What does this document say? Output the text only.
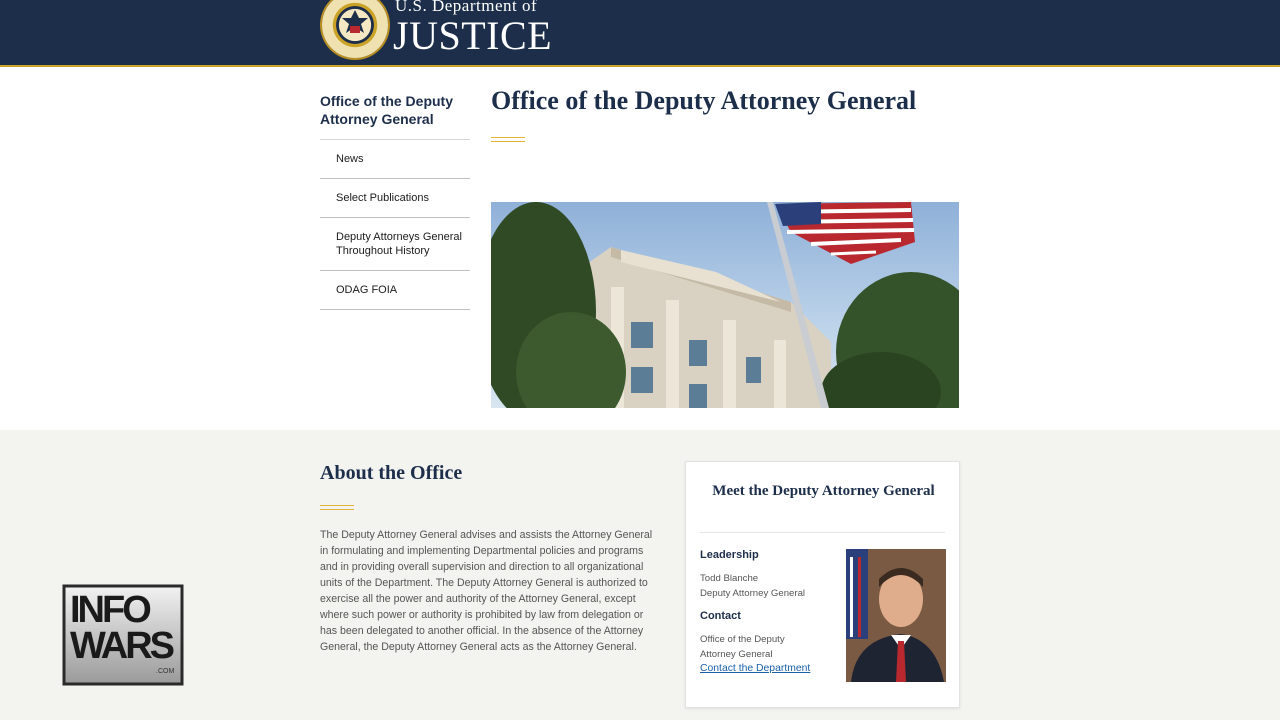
U.S. Department of
JUSTICE
Office of the Deputy Attorney General
News
Select Publications
Deputy Attorneys General Throughout History
ODAG FOIA
Office of the Deputy Attorney General
About the Office

The Deputy Attorney General advises and assists the Attorney General in formulating and implementing Departmental policies and programs and in providing overall supervision and direction to all organizational units of the Department. The Deputy Attorney General is authorized to exercise all the power and authority of the Attorney General, except where such power or authority is prohibited by law from delegation or has been delegated to another official. In the absence of the Attorney General, the Deputy Attorney General acts as the Attorney General.

Meet the Deputy Attorney General
Leadership
Todd Blanche
Deputy Attorney General
Contact
Office of the Deputy
Attorney General
Contact the Department
INFO
WARS
.COM
